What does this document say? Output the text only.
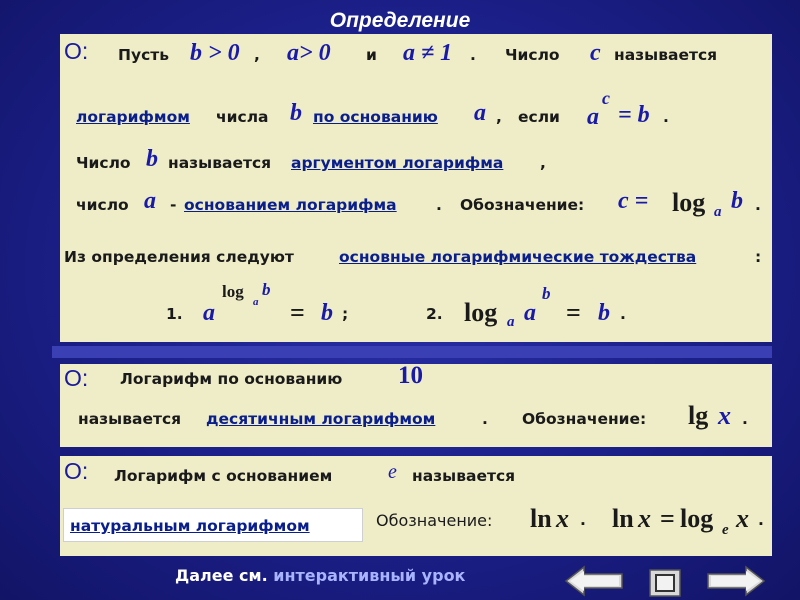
Определение
О: Пусть b > 0 , a> 0 и a ≠ 1 . Число c называется
логарифмом числа b по основанию a , если a
c
= b .
Число b называется аргументом логарифма ,
число a - основанием логарифма	. Обозначение: c = log a b .
Из определения следуют	основные логарифмические тождества	:
1. a
log
a
b
= b ;	2. log a a
b
= b .
О: Логарифм по основанию 10
называется десятичным логарифмом	. Обозначение: lg x .
О: Логарифм с основанием	e называется
натуральным логарифмом	Обозначение: ln x . ln x = log e x .
Далее см. интерактивный урок
